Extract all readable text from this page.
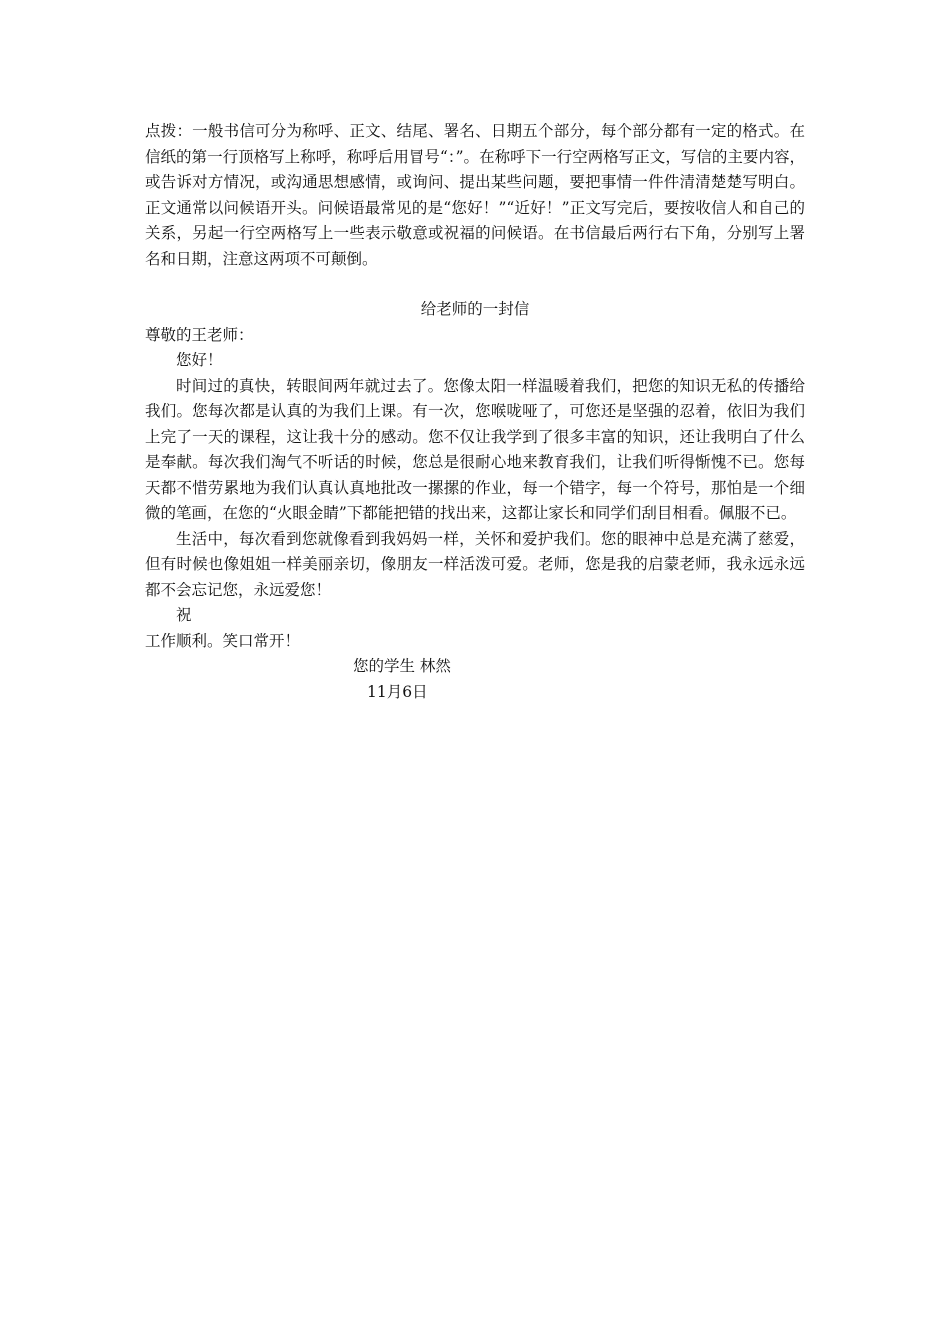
点拨：一般书信可分为称呼、正文、结尾、署名、日期五个部分，每个部分都有一定的格式。在信纸的第一行顶格写上称呼，称呼后用冒号“：”。在称呼下一行空两格写正文，写信的主要内容，或告诉对方情况，或沟通思想感情，或询问、提出某些问题，要把事情一件件清清楚楚写明白。正文通常以问候语开头。问候语最常见的是“您好！”“近好！”正文写完后，要按收信人和自己的关系，另起一行空两格写上一些表示敬意或祝福的问候语。在书信最后两行右下角，分别写上署名和日期，注意这两项不可颠倒。

给老师的一封信

尊敬的王老师：

您好！

时间过的真快，转眼间两年就过去了。您像太阳一样温暖着我们，把您的知识无私的传播给我们。您每次都是认真的为我们上课。有一次，您喉咙哑了，可您还是坚强的忍着，依旧为我们上完了一天的课程，这让我十分的感动。您不仅让我学到了很多丰富的知识，还让我明白了什么是奉献。每次我们淘气不听话的时候，您总是很耐心地来教育我们，让我们听得惭愧不已。您每天都不惜劳累地为我们认真认真地批改一摞摞的作业，每一个错字，每一个符号，那怕是一个细微的笔画，在您的“火眼金睛”下都能把错的找出来，这都让家长和同学们刮目相看。佩服不已。

生活中，每次看到您就像看到我妈妈一样，关怀和爱护我们。您的眼神中总是充满了慈爱，但有时候也像姐姐一样美丽亲切，像朋友一样活泼可爱。老师，您是我的启蒙老师，我永远永远都不会忘记您，永远爱您！

祝

工作顺利。笑口常开！

您的学生 林然

11月6日
